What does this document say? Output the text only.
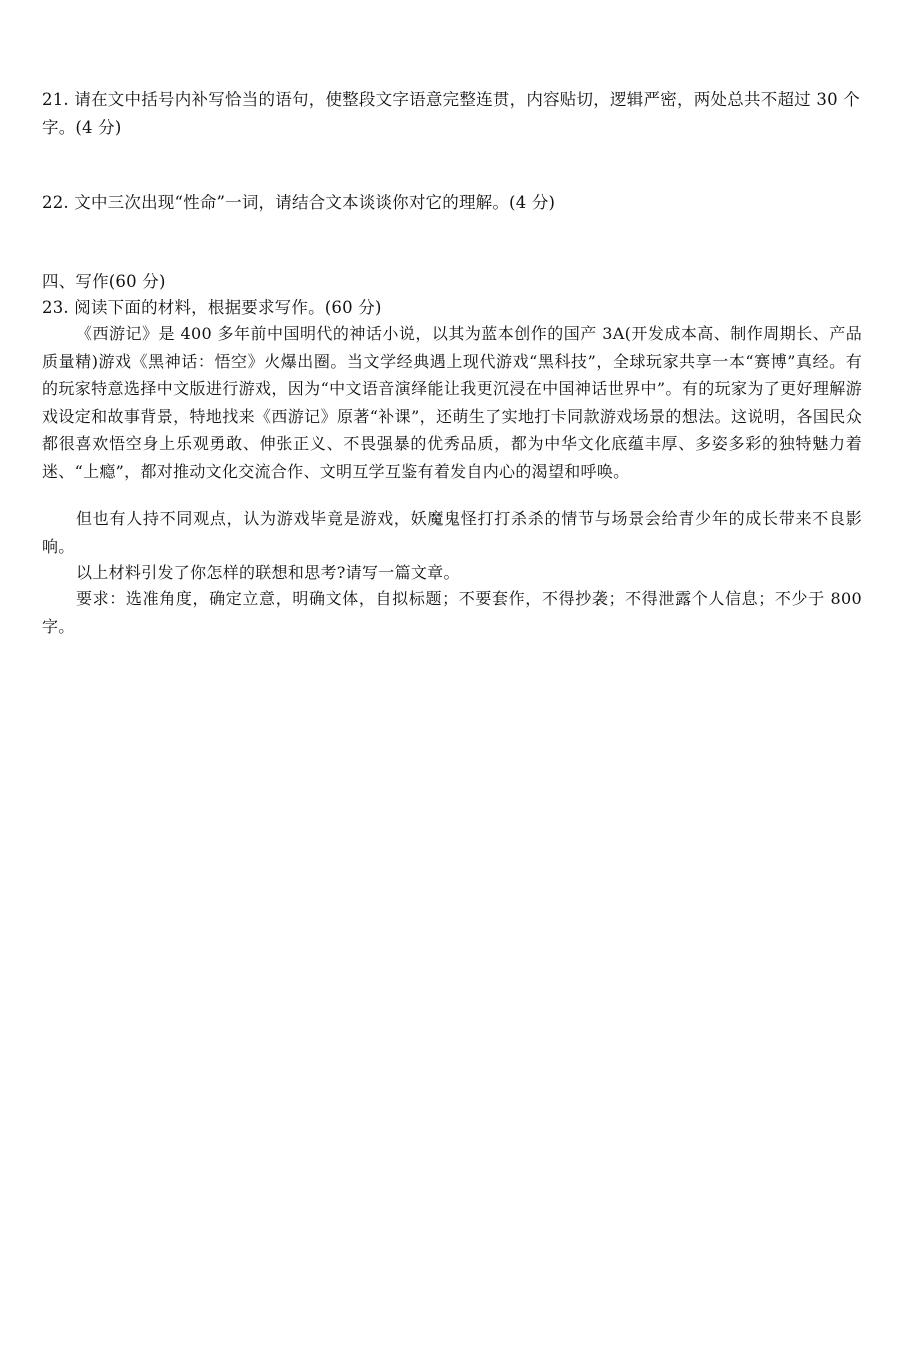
21. 请在文中括号内补写恰当的语句，使整段文字语意完整连贯，内容贴切，逻辑严密，两处总共不超过 30 个字。(4 分)
22. 文中三次出现“性命”一词，请结合文本谈谈你对它的理解。(4 分)
四、写作(60 分)
23. 阅读下面的材料，根据要求写作。(60 分)
《西游记》是 400 多年前中国明代的神话小说，以其为蓝本创作的国产 3A(开发成本高、制作周期长、产品质量精)游戏《黑神话：悟空》火爆出圈。当文学经典遇上现代游戏“黑科技”，全球玩家共享一本“赛博”真经。有的玩家特意选择中文版进行游戏，因为“中文语音演绎能让我更沉浸在中国神话世界中”。有的玩家为了更好理解游戏设定和故事背景，特地找来《西游记》原著“补课”，还萌生了实地打卡同款游戏场景的想法。这说明，各国民众都很喜欢悟空身上乐观勇敢、伸张正义、不畏强暴的优秀品质，都为中华文化底蕴丰厚、多姿多彩的独特魅力着迷、“上瘾”，都对推动文化交流合作、文明互学互鉴有着发自内心的渴望和呼唤。
但也有人持不同观点，认为游戏毕竟是游戏，妖魔鬼怪打打杀杀的情节与场景会给青少年的成长带来不良影响。
以上材料引发了你怎样的联想和思考?请写一篇文章。
要求：选准角度，确定立意，明确文体，自拟标题；不要套作，不得抄袭；不得泄露个人信息；不少于 800 字。
